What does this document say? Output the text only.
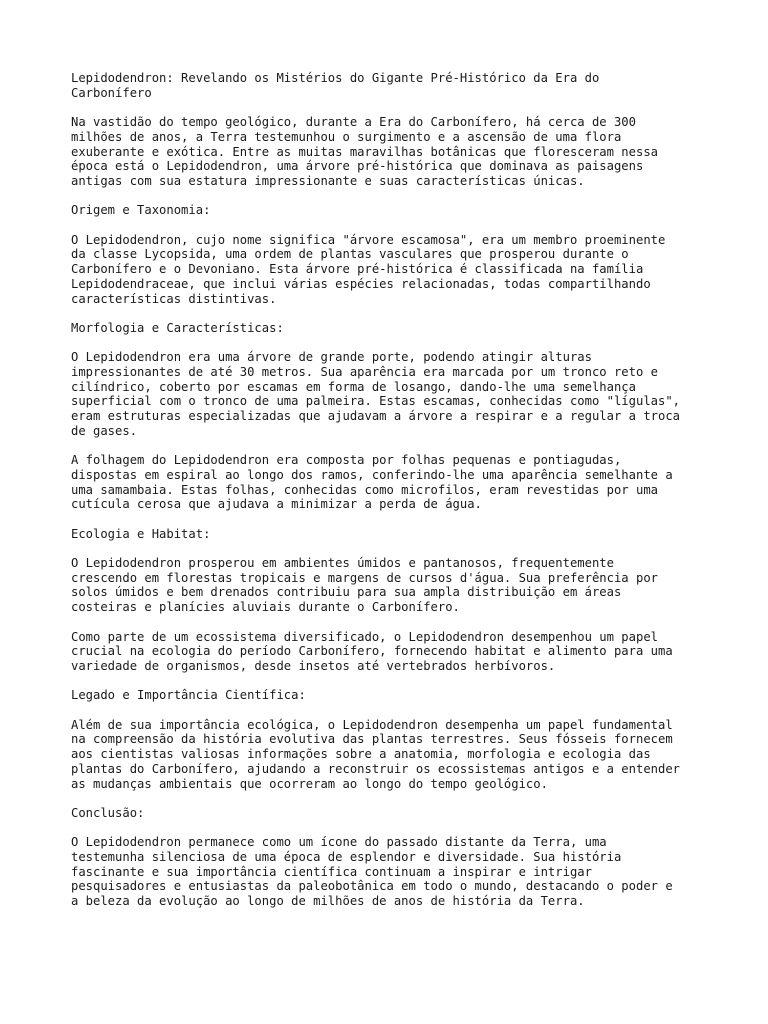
Lepidodendron: Revelando os Mistérios do Gigante Pré-Histórico da Era do
Carbonífero

Na vastidão do tempo geológico, durante a Era do Carbonífero, há cerca de 300
milhões de anos, a Terra testemunhou o surgimento e a ascensão de uma flora
exuberante e exótica. Entre as muitas maravilhas botânicas que floresceram nessa
época está o Lepidodendron, uma árvore pré-histórica que dominava as paisagens
antigas com sua estatura impressionante e suas características únicas.

Origem e Taxonomia:

O Lepidodendron, cujo nome significa "árvore escamosa", era um membro proeminente
da classe Lycopsida, uma ordem de plantas vasculares que prosperou durante o
Carbonífero e o Devoniano. Esta árvore pré-histórica é classificada na família
Lepidodendraceae, que inclui várias espécies relacionadas, todas compartilhando
características distintivas.

Morfologia e Características:

O Lepidodendron era uma árvore de grande porte, podendo atingir alturas
impressionantes de até 30 metros. Sua aparência era marcada por um tronco reto e
cilíndrico, coberto por escamas em forma de losango, dando-lhe uma semelhança
superficial com o tronco de uma palmeira. Estas escamas, conhecidas como "lígulas",
eram estruturas especializadas que ajudavam a árvore a respirar e a regular a troca
de gases.

A folhagem do Lepidodendron era composta por folhas pequenas e pontiagudas,
dispostas em espiral ao longo dos ramos, conferindo-lhe uma aparência semelhante a
uma samambaia. Estas folhas, conhecidas como microfilos, eram revestidas por uma
cutícula cerosa que ajudava a minimizar a perda de água.

Ecologia e Habitat:

O Lepidodendron prosperou em ambientes úmidos e pantanosos, frequentemente
crescendo em florestas tropicais e margens de cursos d'água. Sua preferência por
solos úmidos e bem drenados contribuiu para sua ampla distribuição em áreas
costeiras e planícies aluviais durante o Carbonífero.

Como parte de um ecossistema diversificado, o Lepidodendron desempenhou um papel
crucial na ecologia do período Carbonífero, fornecendo habitat e alimento para uma
variedade de organismos, desde insetos até vertebrados herbívoros.

Legado e Importância Científica:

Além de sua importância ecológica, o Lepidodendron desempenha um papel fundamental
na compreensão da história evolutiva das plantas terrestres. Seus fósseis fornecem
aos cientistas valiosas informações sobre a anatomia, morfologia e ecologia das
plantas do Carbonífero, ajudando a reconstruir os ecossistemas antigos e a entender
as mudanças ambientais que ocorreram ao longo do tempo geológico.

Conclusão:

O Lepidodendron permanece como um ícone do passado distante da Terra, uma
testemunha silenciosa de uma época de esplendor e diversidade. Sua história
fascinante e sua importância científica continuam a inspirar e intrigar
pesquisadores e entusiastas da paleobotânica em todo o mundo, destacando o poder e
a beleza da evolução ao longo de milhões de anos de história da Terra.
